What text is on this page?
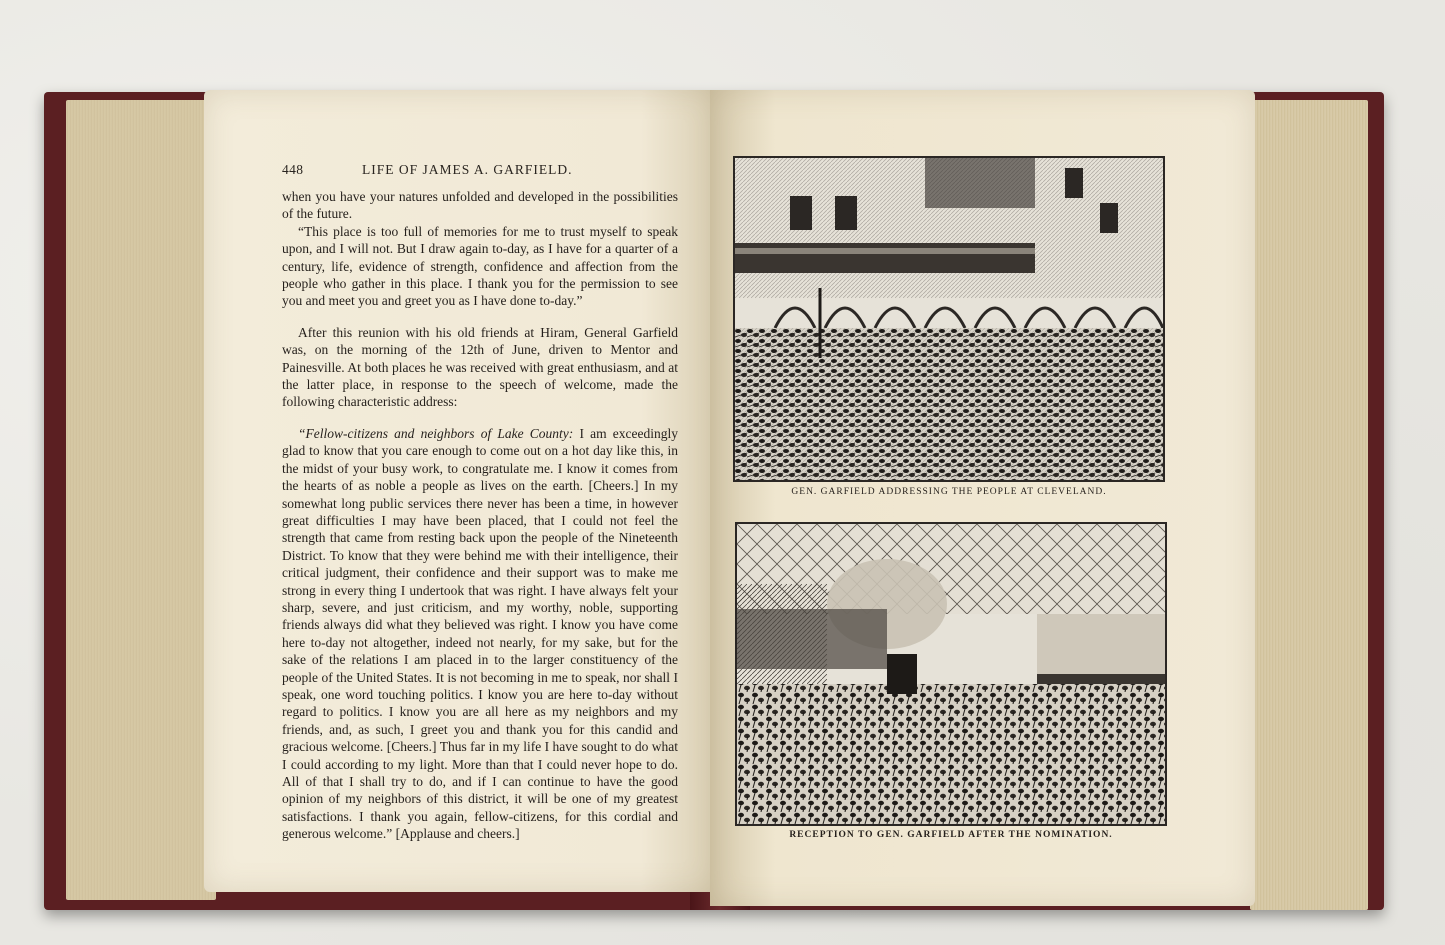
448	LIFE OF JAMES A. GARFIELD.

when you have your natures unfolded and developed in the possibilities of the future.

“This place is too full of memories for me to trust myself to speak upon, and I will not. But I draw again to-day, as I have for a quarter of a century, life, evidence of strength, confidence and affection from the people who gather in this place. I thank you for the permission to see you and meet you and greet you as I have done to-day.”

After this reunion with his old friends at Hiram, General Garfield was, on the morning of the 12th of June, driven to Mentor and Painesville. At both places he was received with great enthusiasm, and at the latter place, in response to the speech of welcome, made the following characteristic address:

“Fellow-citizens and neighbors of Lake County: I am exceedingly glad to know that you care enough to come out on a hot day like this, in the midst of your busy work, to congratulate me. I know it comes from the hearts of as noble a people as lives on the earth. [Cheers.] In my somewhat long public services there never has been a time, in however great difficulties I may have been placed, that I could not feel the strength that came from resting back upon the people of the Nineteenth District. To know that they were behind me with their intelligence, their critical judgment, their confidence and their support was to make me strong in every thing I undertook that was right. I have always felt your sharp, severe, and just criticism, and my worthy, noble, supporting friends always did what they believed was right. I know you have come here to-day not altogether, indeed not nearly, for my sake, but for the sake of the relations I am placed in to the larger constituency of the people of the United States. It is not becoming in me to speak, nor shall I speak, one word touching politics. I know you are here to-day without regard to politics. I know you are all here as my neighbors and my friends, and, as such, I greet you and thank you for this candid and gracious welcome. [Cheers.] Thus far in my life I have sought to do what I could according to my light. More than that I could never hope to do. All of that I shall try to do, and if I can continue to have the good opinion of my neighbors of this district, it will be one of my greatest satisfactions. I thank you again, fellow-citizens, for this cordial and generous welcome.” [Applause and cheers.]

GEN. GARFIELD ADDRESSING THE PEOPLE AT CLEVELAND.
RECEPTION TO GEN. GARFIELD AFTER THE NOMINATION.
